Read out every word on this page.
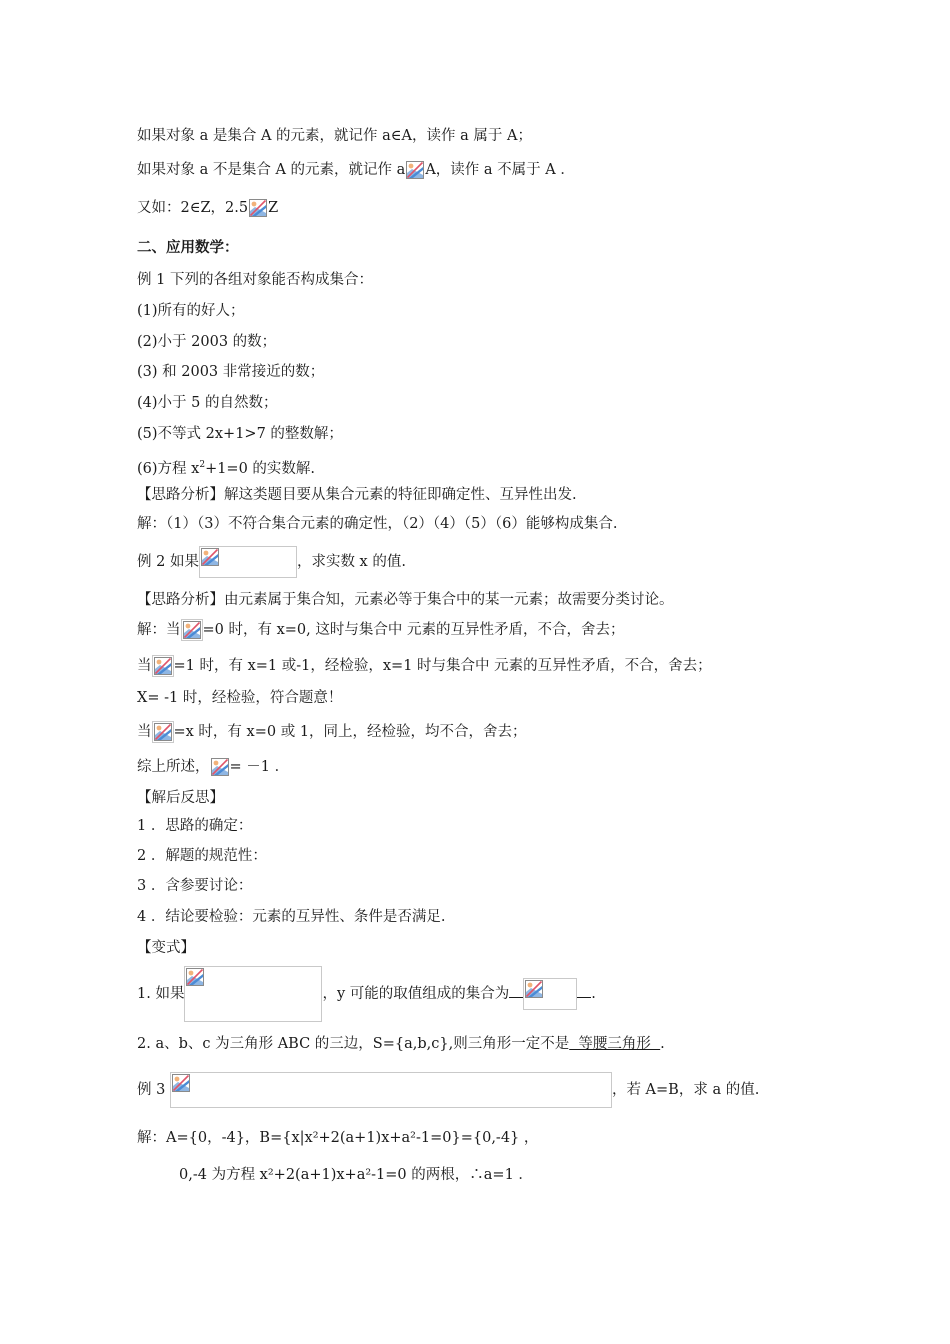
如果对象 a 是集合 A 的元素，就记作 a∈A，读作 a 属于 A；
如果对象 a 不是集合 A 的元素，就记作 a A，读作 a 不属于 A ．
又如：2∈Z，2.5 Z
二、应用数学：
例 1 下列的各组对象能否构成集合：
(1)所有的好人；
(2)小于 2003 的数；
(3) 和 2003 非常接近的数；
(4)小于 5 的自然数；
(5)不等式 2x+1>7 的整数解；
(6)方程 $x^2+1=0$ 的实数解.
【思路分析】解这类题目要从集合元素的特征即确定性、互异性出发.
解：（1）（3）不符合集合元素的确定性，（2）（4）（5）（6）能够构成集合.
例 2 如果	，求实数 x 的值.
【思路分析】由元素属于集合知，元素必等于集合中的某一元素；故需要分类讨论。
解：当 =0 时，有 x=0, 这时与集合中 元素的互异性矛盾，不合，舍去；
当 =1 时，有 x=1 或-1，经检验，x=1 时与集合中 元素的互异性矛盾，不合，舍去；
X= -1 时，经检验，符合题意！
当 =x 时，有 x=0 或 1，同上，经检验，均不合，舍去；
综上所述， = －1 ．
【解后反思】
1 ．思路的确定：
2 ．解题的规范性：
3 ．含参要讨论：
4 ．结论要检验：元素的互异性、条件是否满足.
【变式】
1. 如果	，y 可能的取值组成的集合为	.
2. a、b、c 为三角形 ABC 的三边，S={a,b,c},则三角形一定不是  等腰三角形  .
例 3	，若 A=B，求 a 的值.
解：A={0，-4}，B={x|x²+2(a+1)x+a²-1=0}={0,-4} ，
0,-4 为方程 x²+2(a+1)x+a²-1=0 的两根，∴a=1 ．
